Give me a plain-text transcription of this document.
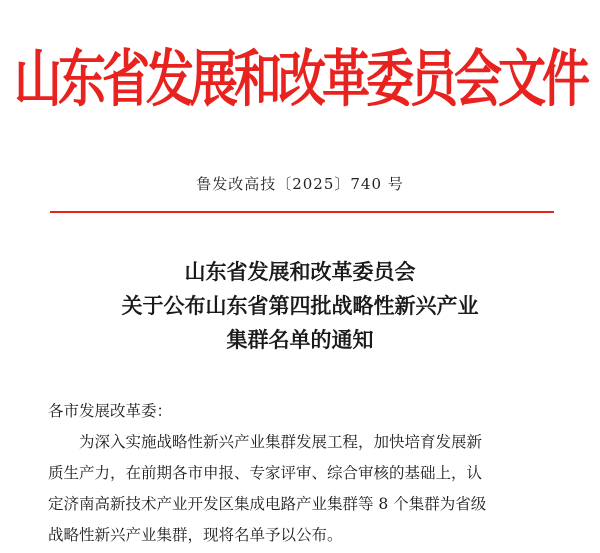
山东省发展和改革委员会文件
鲁发改高技〔2025〕740 号
山东省发展和改革委员会
关于公布山东省第四批战略性新兴产业
集群名单的通知
各市发展改革委：
为深入实施战略性新兴产业集群发展工程，加快培育发展新
质生产力，在前期各市申报、专家评审、综合审核的基础上，认
定济南高新技术产业开发区集成电路产业集群等 8 个集群为省级
战略性新兴产业集群，现将名单予以公布。
